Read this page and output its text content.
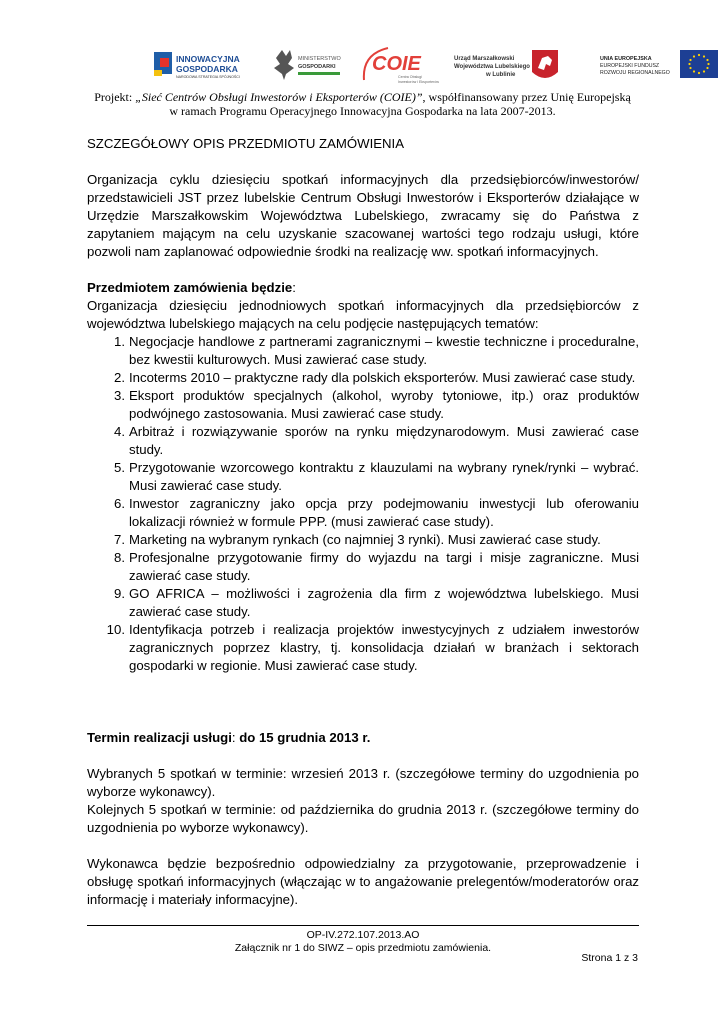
INNOWACYJNA
GOSPODARKA
NARODOWA STRATEGIA SPÓJNOŚCI
MINISTERSTWO
GOSPODARKI COIE
Centra Obsługi
Inwestorów i Eksporterów
Urząd Marszałkowski
Województwa Lubelskiego
w Lublinie
UNIA EUROPEJSKA
EUROPEJSKI FUNDUSZ
ROZWOJU REGIONALNEGO
Projekt: „Sieć Centrów Obsługi Inwestorów i Eksporterów (COIE)”, współfinansowany przez Unię Europejską
w ramach Programu Operacyjnego Innowacyjna Gospodarka na lata 2007-2013.
SZCZEGÓŁOWY OPIS PRZEDMIOTU ZAMÓWIENIA

Organizacja cyklu dziesięciu spotkań informacyjnych dla przedsiębiorców/inwestorów/ przedstawicieli JST przez lubelskie Centrum Obsługi Inwestorów i Eksporterów działające w Urzędzie Marszałkowskim Województwa Lubelskiego, zwracamy się do Państwa z zapytaniem mającym na celu uzyskanie szacowanej wartości tego rodzaju usługi, które pozwoli nam zaplanować odpowiednie środki na realizację ww. spotkań informacyjnych.

Przedmiotem zamówienia będzie:

Organizacja dziesięciu jednodniowych spotkań informacyjnych dla przedsiębiorców z województwa lubelskiego mających na celu podjęcie następujących tematów:

1. Negocjacje handlowe z partnerami zagranicznymi – kwestie techniczne i proceduralne, bez kwestii kulturowych. Musi zawierać case study.
2. Incoterms 2010 – praktyczne rady dla polskich eksporterów. Musi zawierać case study.
3. Eksport produktów specjalnych (alkohol, wyroby tytoniowe, itp.) oraz produktów podwójnego zastosowania. Musi zawierać case study.
4. Arbitraż i rozwiązywanie sporów na rynku międzynarodowym. Musi zawierać case study.
5. Przygotowanie wzorcowego kontraktu z klauzulami na wybrany rynek/rynki – wybrać. Musi zawierać case study.
6. Inwestor zagraniczny jako opcja przy podejmowaniu inwestycji lub oferowaniu lokalizacji również w formule PPP. (musi zawierać case study).
7. Marketing na wybranym rynkach (co najmniej 3 rynki). Musi zawierać case study.
8. Profesjonalne przygotowanie firmy do wyjazdu na targi i misje zagraniczne. Musi zawierać case study.
9. GO AFRICA – możliwości i zagrożenia dla firm z województwa lubelskiego. Musi zawierać case study.
10. Identyfikacja potrzeb i realizacja projektów inwestycyjnych z udziałem inwestorów zagranicznych poprzez klastry, tj. konsolidacja działań w branżach i sektorach gospodarki w regionie. Musi zawierać case study.

Termin realizacji usługi: do 15 grudnia 2013 r.

Wybranych 5 spotkań w terminie: wrzesień 2013 r. (szczegółowe terminy do uzgodnienia po wyborze wykonawcy).

Kolejnych 5 spotkań w terminie: od października do grudnia 2013 r. (szczegółowe terminy do uzgodnienia po wyborze wykonawcy).

Wykonawca będzie bezpośrednio odpowiedzialny za przygotowanie, przeprowadzenie i obsługę spotkań informacyjnych (włączając w to angażowanie prelegentów/moderatorów oraz informację i materiały informacyjne).

OP-IV.272.107.2013.AO
Załącznik nr 1 do SIWZ – opis przedmiotu zamówienia.
Strona 1 z 3
